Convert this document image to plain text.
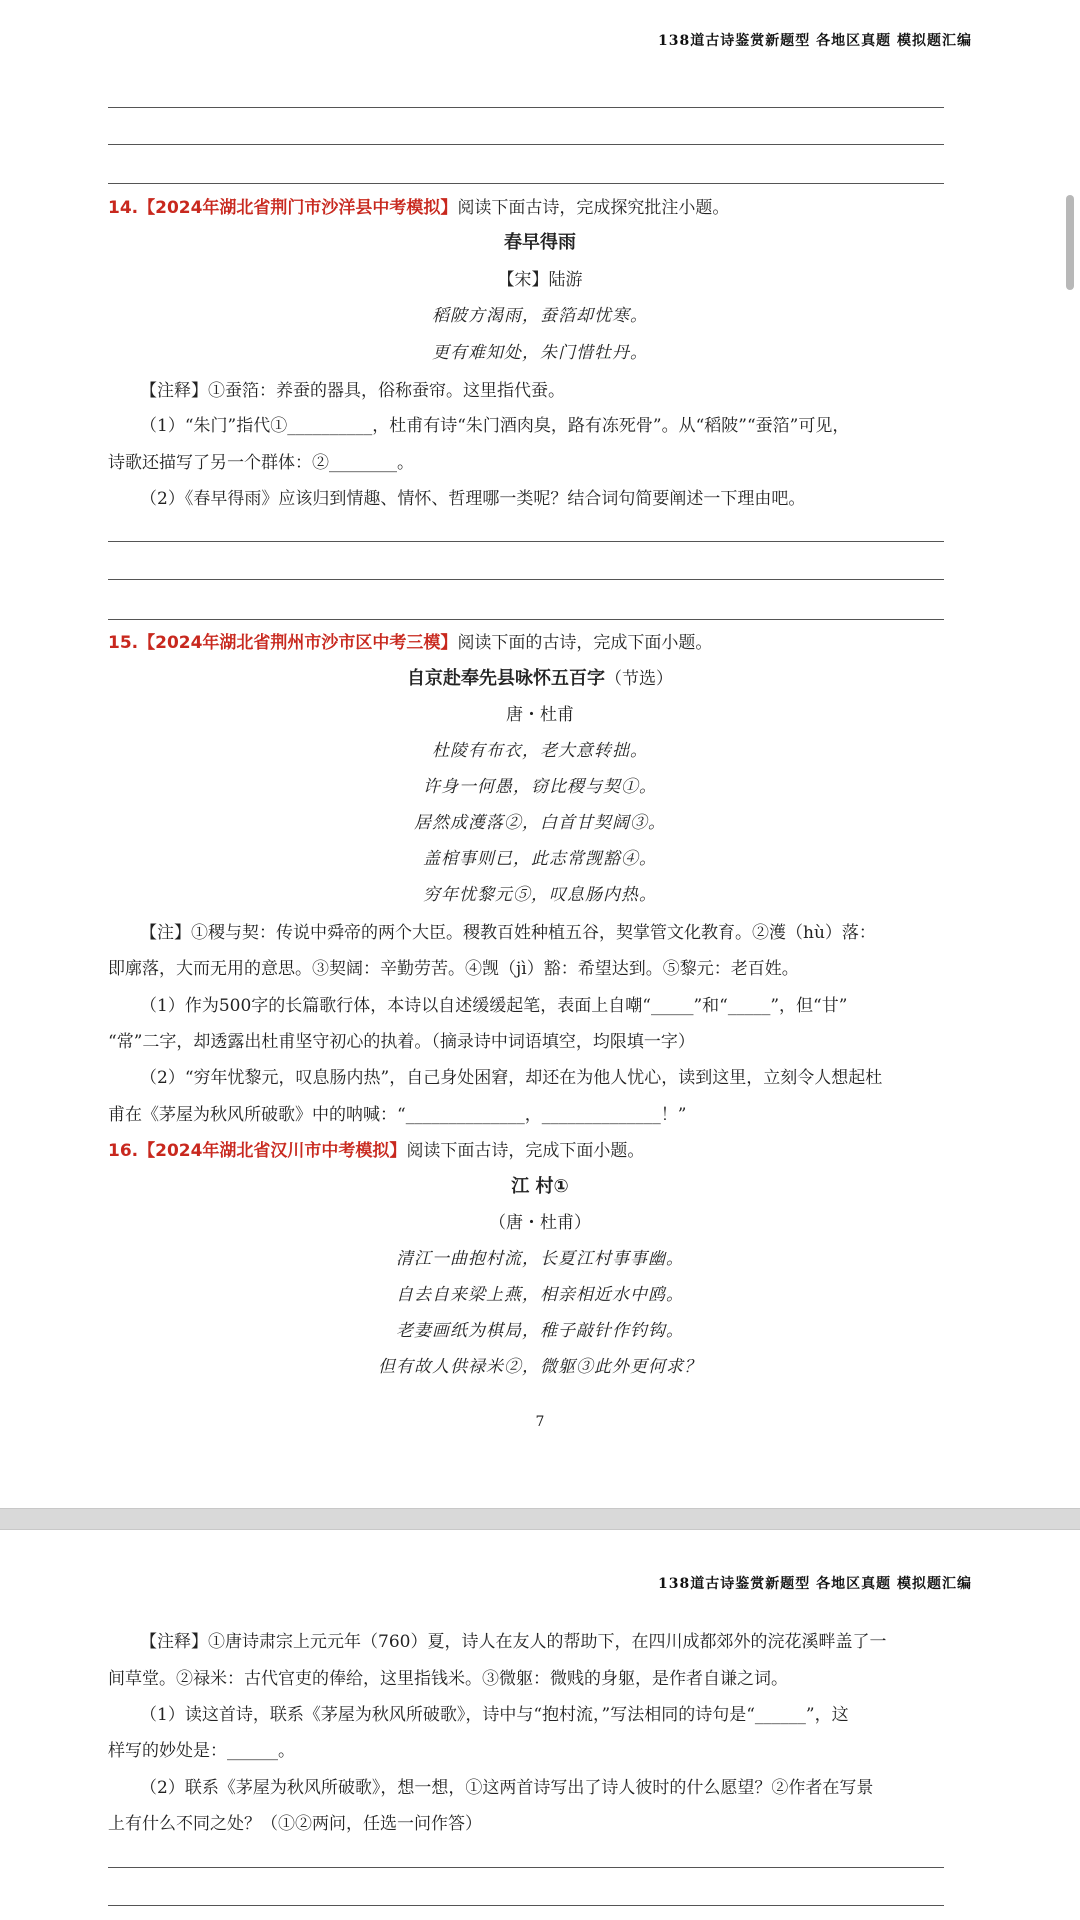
138道古诗鉴赏新题型 各地区真题 模拟题汇编
14.【2024年湖北省荆门市沙洋县中考模拟】阅读下面古诗，完成探究批注小题。
春早得雨
【宋】陆游
稻陂方渴雨，蚕箔却忧寒。
更有难知处，朱门惜牡丹。
【注释】①蚕箔：养蚕的器具，俗称蚕帘。这里指代蚕。
（1）“朱门”指代①__________，杜甫有诗“朱门酒肉臭，路有冻死骨”。从“稻陂”“蚕箔”可见，
诗歌还描写了另一个群体：②________。
（2）《春早得雨》应该归到情趣、情怀、哲理哪一类呢？结合词句简要阐述一下理由吧。
15.【2024年湖北省荆州市沙市区中考三模】阅读下面的古诗，完成下面小题。
自京赴奉先县咏怀五百字（节选）
唐・杜甫
杜陵有布衣，老大意转拙。
许身一何愚，窃比稷与契①。
居然成濩落②，白首甘契阔③。
盖棺事则已，此志常觊豁④。
穷年忧黎元⑤，叹息肠内热。
【注】①稷与契：传说中舜帝的两个大臣。稷教百姓种植五谷，契掌管文化教育。②濩（hù）落：
即廓落，大而无用的意思。③契阔：辛勤劳苦。④觊（jì）豁：希望达到。⑤黎元：老百姓。
（1）作为500字的长篇歌行体，本诗以自述缓缓起笔，表面上自嘲“_____”和“_____”，但“甘”
“常”二字，却透露出杜甫坚守初心的执着。（摘录诗中词语填空，均限填一字）
（2）“穷年忧黎元，叹息肠内热”，自己身处困窘，却还在为他人忧心，读到这里，立刻令人想起杜
甫在《茅屋为秋风所破歌》中的呐喊：“______________，______________！”
16.【2024年湖北省汉川市中考模拟】阅读下面古诗，完成下面小题。
江 村①
（唐・杜甫）
清江一曲抱村流，长夏江村事事幽。
自去自来梁上燕，相亲相近水中鸥。
老妻画纸为棋局，稚子敲针作钓钩。
但有故人供禄米②，微躯③此外更何求？
7
138道古诗鉴赏新题型 各地区真题 模拟题汇编
【注释】①唐诗肃宗上元元年（760）夏，诗人在友人的帮助下，在四川成都郊外的浣花溪畔盖了一
间草堂。②禄米：古代官吏的俸给，这里指钱米。③微躯：微贱的身躯，是作者自谦之词。
（1）读这首诗，联系《茅屋为秋风所破歌》，诗中与“抱村流，”写法相同的诗句是“______”，这
样写的妙处是：______。
（2）联系《茅屋为秋风所破歌》，想一想，①这两首诗写出了诗人彼时的什么愿望？②作者在写景
上有什么不同之处？（①②两问，任选一问作答）
